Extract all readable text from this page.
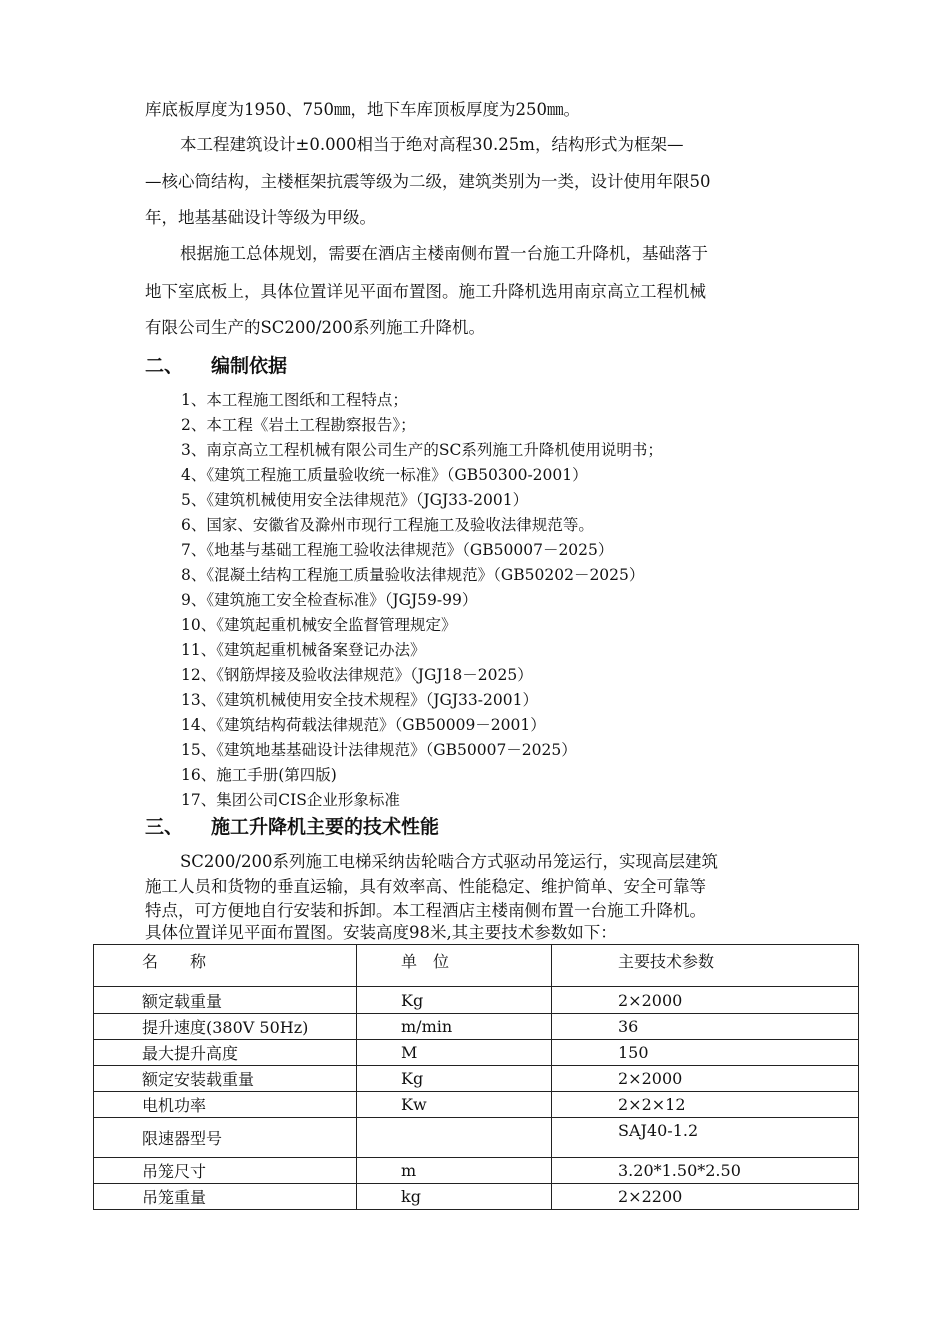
库底板厚度为1950、750㎜，地下车库顶板厚度为250㎜。
本工程建筑设计±0.000相当于绝对高程30.25m，结构形式为框架—
—核心筒结构，主楼框架抗震等级为二级，建筑类别为一类，设计使用年限50
年，地基基础设计等级为甲级。
根据施工总体规划，需要在酒店主楼南侧布置一台施工升降机，基础落于
地下室底板上，具体位置详见平面布置图。施工升降机选用南京高立工程机械
有限公司生产的SC200/200系列施工升降机。
二、 编制依据
1、本工程施工图纸和工程特点；
2、本工程《岩土工程勘察报告》；
3、南京高立工程机械有限公司生产的SC系列施工升降机使用说明书；
4、《建筑工程施工质量验收统一标准》（GB50300-2001）
5、《建筑机械使用安全法律规范》（JGJ33-2001）
6、国家、安徽省及滁州市现行工程施工及验收法律规范等。
7、《地基与基础工程施工验收法律规范》（GB50007－2025）
8、《混凝土结构工程施工质量验收法律规范》（GB50202－2025）
9、《建筑施工安全检查标准》（JGJ59-99）
10、《建筑起重机械安全监督管理规定》
11、《建筑起重机械备案登记办法》
12、《钢筋焊接及验收法律规范》（JGJ18－2025）
13、《建筑机械使用安全技术规程》（JGJ33-2001）
14、《建筑结构荷载法律规范》（GB50009－2001）
15、《建筑地基基础设计法律规范》（GB50007－2025）
16、施工手册(第四版)
17、集团公司CIS企业形象标准
三、 施工升降机主要的技术性能
SC200/200系列施工电梯采纳齿轮啮合方式驱动吊笼运行，实现高层建筑
施工人员和货物的垂直运输，具有效率高、性能稳定、维护简单、安全可靠等
特点，可方便地自行安装和拆卸。本工程酒店主楼南侧布置一台施工升降机。
具体位置详见平面布置图。安装高度98米,其主要技术参数如下：
名　　称	单　位	主要技术参数
额定载重量	Kg	2×2000
提升速度(380V 50Hz)	m/min	36
最大提升高度	M	150
额定安装载重量	Kg	2×2000
电机功率	Kw	2×2×12
限速器型号		SAJ40-1.2
吊笼尺寸	m	3.20*1.50*2.50
吊笼重量	kg	2×2200
